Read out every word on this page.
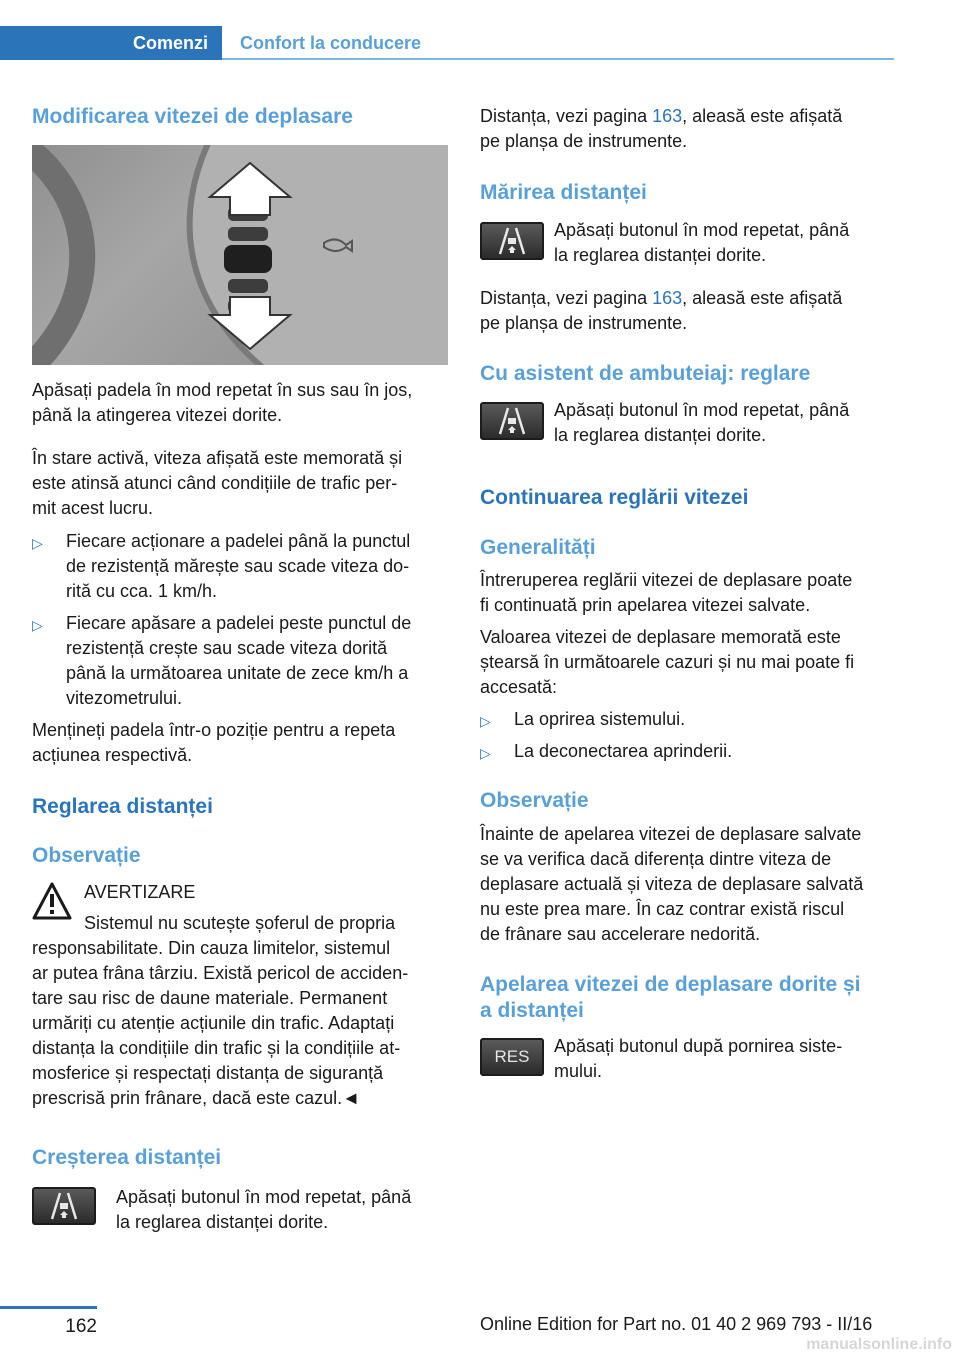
Comenzi	Confort la conducere
Modificarea vitezei de deplasare
Apăsați padela în mod repetat în sus sau în jos,
până la atingerea vitezei dorite.
În stare activă, viteza afișată este memorată și
este atinsă atunci când condițiile de trafic per‐
mit acest lucru.
▷	Fiecare acționare a padelei până la punctul
de rezistență mărește sau scade viteza do‐
rită cu cca. 1 km/h.
▷	Fiecare apăsare a padelei peste punctul de
rezistență crește sau scade viteza dorită
până la următoarea unitate de zece km/h a
vitezometrului.
Mențineți padela într-o poziție pentru a repeta
acțiunea respectivă.
Reglarea distanței
Observație
AVERTIZARE
Sistemul nu scutește șoferul de propria
responsabilitate. Din cauza limitelor, sistemul
ar putea frâna târziu. Există pericol de acciden‐
tare sau risc de daune materiale. Permanent
urmăriți cu atenție acțiunile din trafic. Adaptați
distanța la condițiile din trafic și la condițiile at‐
mosferice și respectați distanța de siguranță
prescrisă prin frânare, dacă este cazul.◄
Creșterea distanței
Apăsați butonul în mod repetat, până
la reglarea distanței dorite.
Distanța, vezi pagina 163, aleasă este afișată
pe planșa de instrumente.
Mărirea distanței
Apăsați butonul în mod repetat, până
la reglarea distanței dorite.
Distanța, vezi pagina 163, aleasă este afișată
pe planșa de instrumente.
Cu asistent de ambuteiaj: reglare
Apăsați butonul în mod repetat, până
la reglarea distanței dorite.
Continuarea reglării vitezei
Generalități
Întreruperea reglării vitezei de deplasare poate
fi continuată prin apelarea vitezei salvate.
Valoarea vitezei de deplasare memorată este
ștearsă în următoarele cazuri și nu mai poate fi
accesată:
▷	La oprirea sistemului.
▷	La deconectarea aprinderii.
Observație
Înainte de apelarea vitezei de deplasare salvate
se va verifica dacă diferența dintre viteza de
deplasare actuală și viteza de deplasare salvată
nu este prea mare. În caz contrar există riscul
de frânare sau accelerare nedorită.
Apelarea vitezei de deplasare dorite și
a distanței
RES
Apăsați butonul după pornirea siste‐
mului.
162	Online Edition for Part no. 01 40 2 969 793 - II/16
manualsonline.info
